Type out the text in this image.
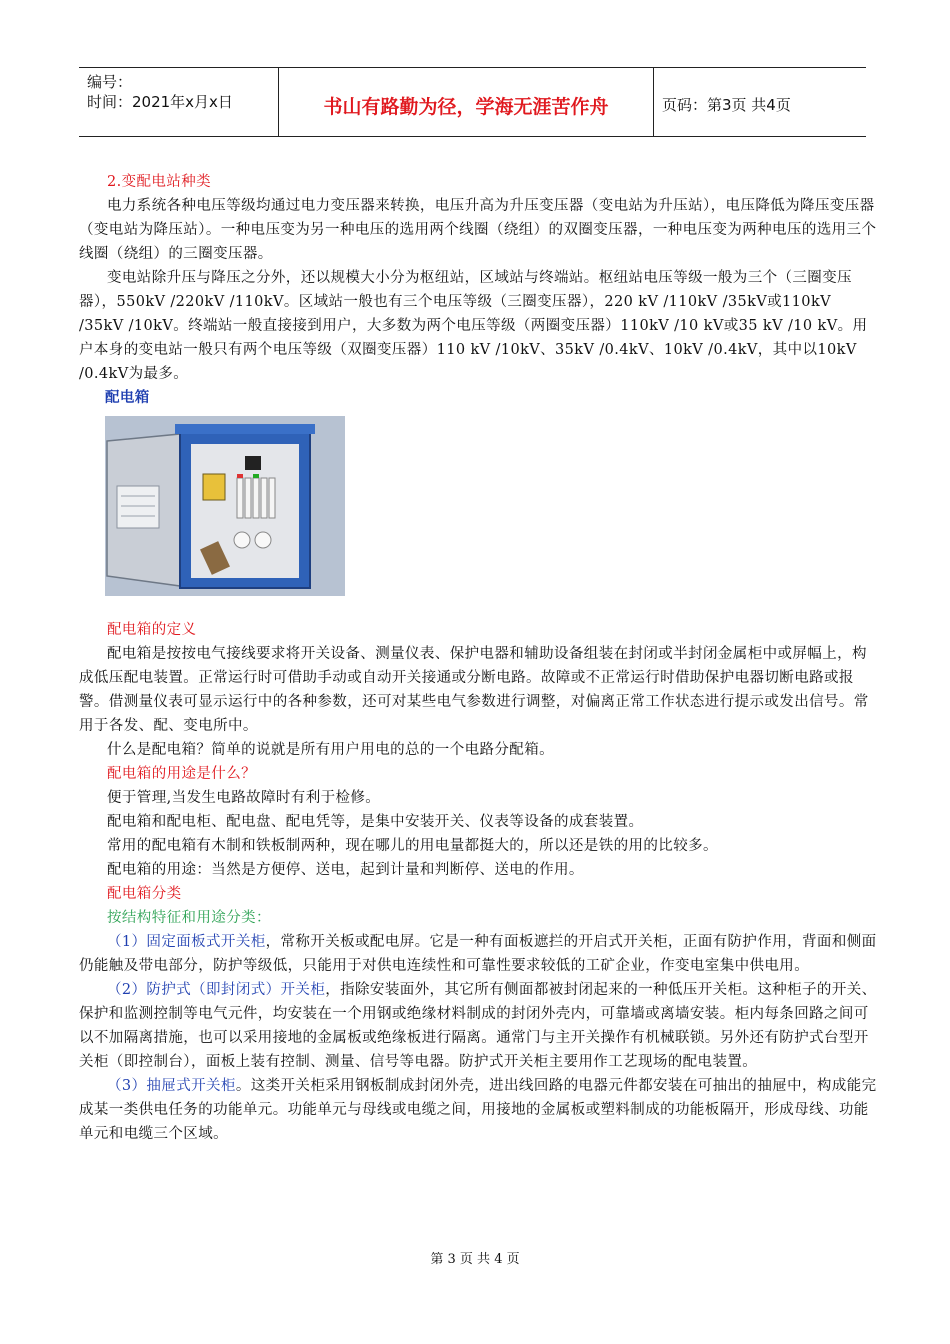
编号：
时间：2021年x月x日	书山有路勤为径，学海无涯苦作舟	页码：第3页 共4页

2.变配电站种类

电力系统各种电压等级均通过电力变压器来转换，电压升高为升压变压器（变电站为升压站），电压降低为降压变压器（变电站为降压站）。一种电压变为另一种电压的选用两个线圈（绕组）的双圈变压器，一种电压变为两种电压的选用三个线圈（绕组）的三圈变压器。

变电站除升压与降压之分外，还以规模大小分为枢纽站，区域站与终端站。枢纽站电压等级一般为三个（三圈变压器），550kV /220kV /110kV。区域站一般也有三个电压等级（三圈变压器），220 kV /110kV /35kV或110kV /35kV /10kV。终端站一般直接接到用户，大多数为两个电压等级（两圈变压器）110kV /10 kV或35 kV /10 kV。用户本身的变电站一般只有两个电压等级（双圈变压器）110 kV /10kV、35kV /0.4kV、10kV /0.4kV，其中以10kV /0.4kV为最多。

配电箱

配电箱的定义

配电箱是按按电气接线要求将开关设备、测量仪表、保护电器和辅助设备组装在封闭或半封闭金属柜中或屏幅上，构成低压配电装置。正常运行时可借助手动或自动开关接通或分断电路。故障或不正常运行时借助保护电器切断电路或报警。借测量仪表可显示运行中的各种参数，还可对某些电气参数进行调整，对偏离正常工作状态进行提示或发出信号。常用于各发、配、变电所中。

什么是配电箱？简单的说就是所有用户用电的总的一个电路分配箱。

配电箱的用途是什么？

便于管理,当发生电路故障时有利于检修。

配电箱和配电柜、配电盘、配电凭等，是集中安装开关、仪表等设备的成套装置。

常用的配电箱有木制和铁板制两种，现在哪儿的用电量都挺大的，所以还是铁的用的比较多。

配电箱的用途：当然是方便停、送电，起到计量和判断停、送电的作用。

配电箱分类

按结构特征和用途分类：

（1）固定面板式开关柜，常称开关板或配电屏。它是一种有面板遮拦的开启式开关柜，正面有防护作用，背面和侧面仍能触及带电部分，防护等级低，只能用于对供电连续性和可靠性要求较低的工矿企业，作变电室集中供电用。

（2）防护式（即封闭式）开关柜，指除安装面外，其它所有侧面都被封闭起来的一种低压开关柜。这种柜子的开关、保护和监测控制等电气元件，均安装在一个用钢或绝缘材料制成的封闭外壳内，可靠墙或离墙安装。柜内每条回路之间可以不加隔离措施，也可以采用接地的金属板或绝缘板进行隔离。通常门与主开关操作有机械联锁。另外还有防护式台型开关柜（即控制台），面板上装有控制、测量、信号等电器。防护式开关柜主要用作工艺现场的配电装置。

（3）抽屉式开关柜。这类开关柜采用钢板制成封闭外壳，进出线回路的电器元件都安装在可抽出的抽屉中，构成能完成某一类供电任务的功能单元。功能单元与母线或电缆之间，用接地的金属板或塑料制成的功能板隔开，形成母线、功能单元和电缆三个区域。

第 3 页 共 4 页
